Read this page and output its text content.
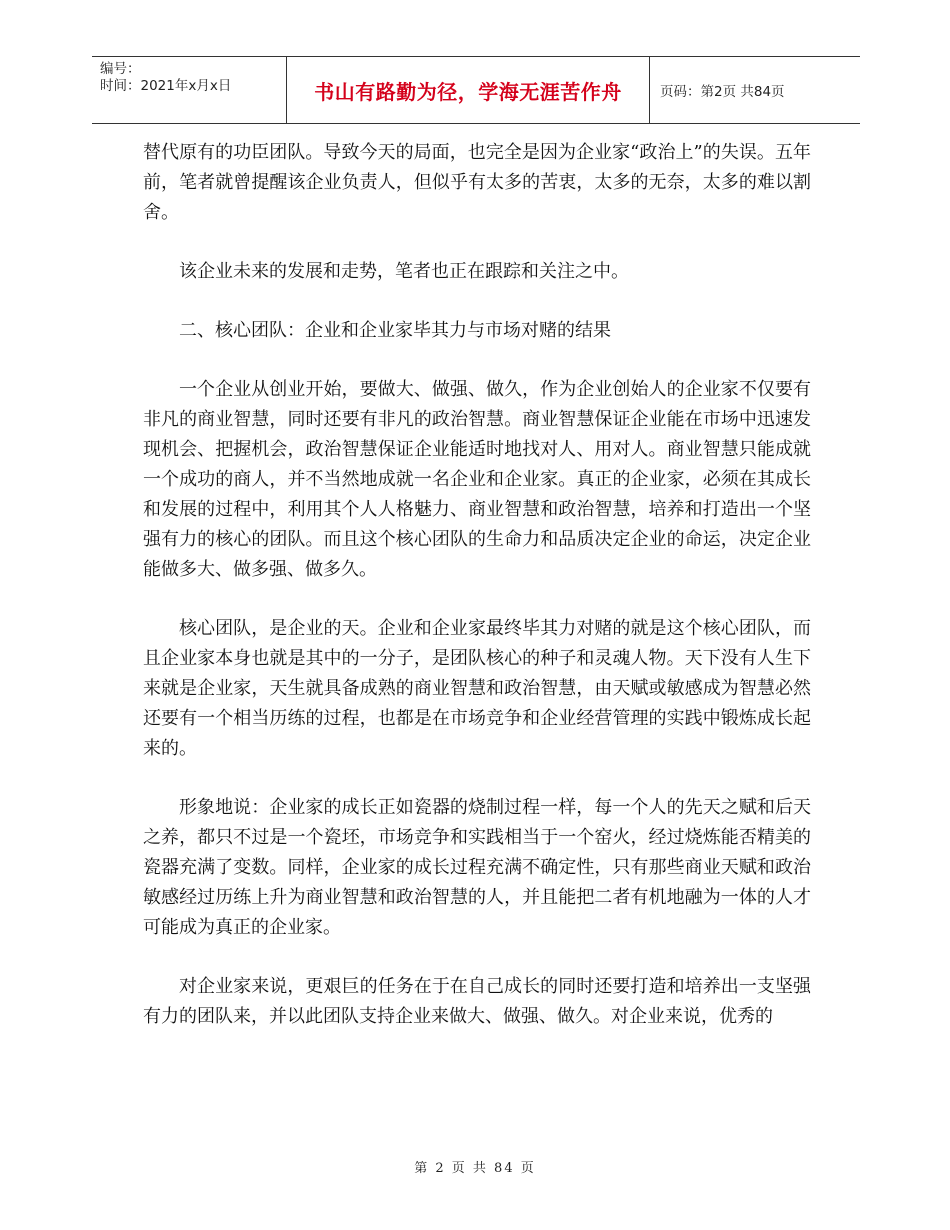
编号：
时间：2021年x月x日	书山有路勤为径，学海无涯苦作舟	页码：第2页 共84页

替代原有的功臣团队。导致今天的局面，也完全是因为企业家“政治上”的失误。五年前，笔者就曾提醒该企业负责人，但似乎有太多的苦衷，太多的无奈，太多的难以割舍。

该企业未来的发展和走势，笔者也正在跟踪和关注之中。

二、核心团队：企业和企业家毕其力与市场对赌的结果

一个企业从创业开始，要做大、做强、做久，作为企业创始人的企业家不仅要有非凡的商业智慧，同时还要有非凡的政治智慧。商业智慧保证企业能在市场中迅速发现机会、把握机会，政治智慧保证企业能适时地找对人、用对人。商业智慧只能成就一个成功的商人，并不当然地成就一名企业和企业家。真正的企业家，必须在其成长和发展的过程中，利用其个人人格魅力、商业智慧和政治智慧，培养和打造出一个坚强有力的核心的团队。而且这个核心团队的生命力和品质决定企业的命运，决定企业能做多大、做多强、做多久。

核心团队，是企业的天。企业和企业家最终毕其力对赌的就是这个核心团队，而且企业家本身也就是其中的一分子，是团队核心的种子和灵魂人物。天下没有人生下来就是企业家，天生就具备成熟的商业智慧和政治智慧，由天赋或敏感成为智慧必然还要有一个相当历练的过程，也都是在市场竞争和企业经营管理的实践中锻炼成长起来的。

形象地说：企业家的成长正如瓷器的烧制过程一样，每一个人的先天之赋和后天之养，都只不过是一个瓷坯，市场竞争和实践相当于一个窑火，经过烧炼能否精美的瓷器充满了变数。同样，企业家的成长过程充满不确定性，只有那些商业天赋和政治敏感经过历练上升为商业智慧和政治智慧的人，并且能把二者有机地融为一体的人才可能成为真正的企业家。

对企业家来说，更艰巨的任务在于在自己成长的同时还要打造和培养出一支坚强有力的团队来，并以此团队支持企业来做大、做强、做久。对企业来说，优秀的

第 2 页 共 84 页
